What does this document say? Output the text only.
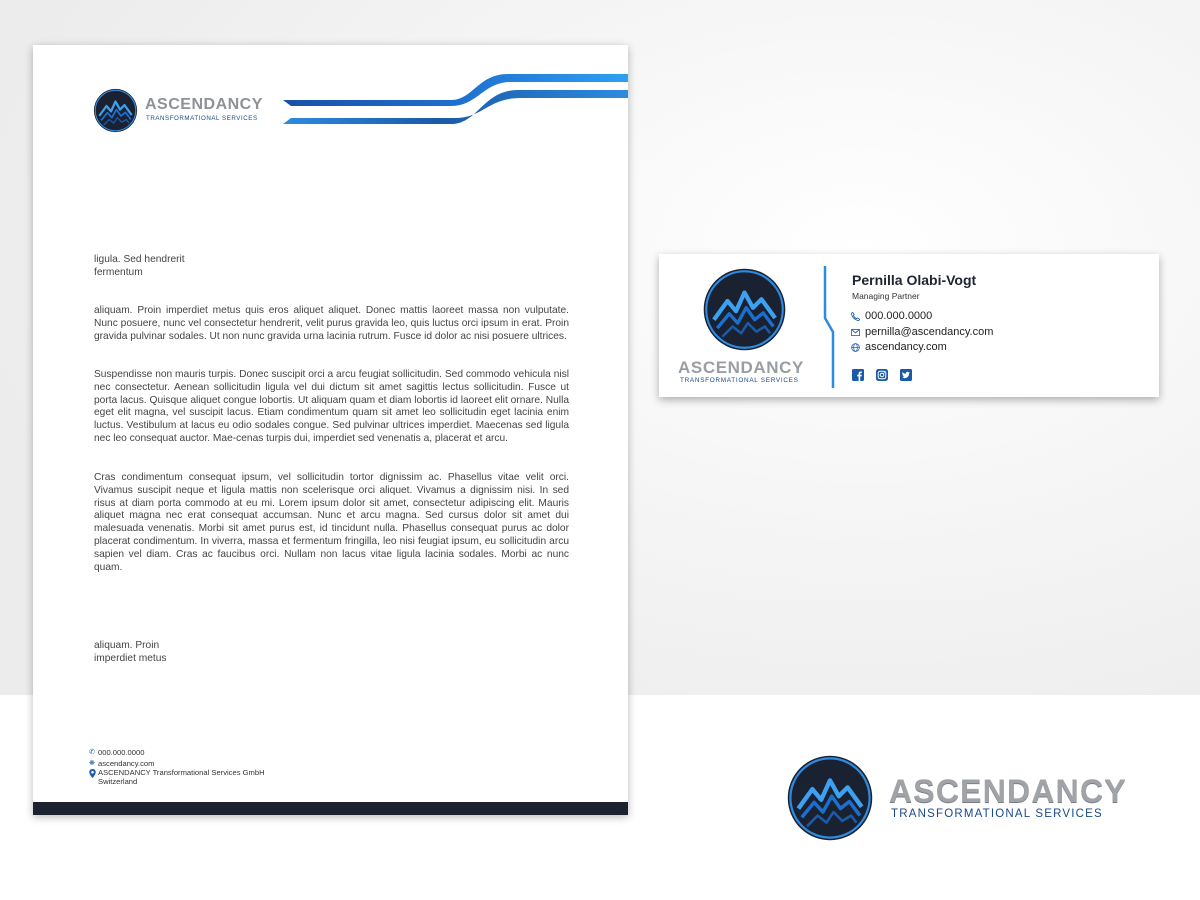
ASCENDANCY
TRANSFORMATIONAL SERVICES
ligula. Sed hendrerit
fermentum
aliquam. Proin imperdiet metus quis eros aliquet aliquet. Donec mattis laoreet massa non vulputate. Nunc posuere, nunc vel consectetur hendrerit, velit purus gravida leo, quis luctus orci ipsum in erat. Proin gravida pulvinar sodales. Ut non nunc gravida urna lacinia rutrum. Fusce id dolor ac nisi posuere ultrices.
Suspendisse non mauris turpis. Donec suscipit orci a arcu feugiat sollicitudin. Sed commodo vehicula nisl nec consectetur. Aenean sollicitudin ligula vel dui dictum sit amet sagittis lectus sollicitudin. Fusce ut porta lacus. Quisque aliquet congue lobortis. Ut aliquam quam et diam lobortis id laoreet elit ornare. Nulla eget elit magna, vel suscipit lacus. Etiam condimentum quam sit amet leo sollicitudin eget lacinia enim luctus. Vestibulum at lacus eu odio sodales congue. Sed pulvinar ultrices imperdiet. Maecenas sed ligula nec leo consequat auctor. Mae-cenas turpis dui, imperdiet sed venenatis a, placerat et arcu.
Cras condimentum consequat ipsum, vel sollicitudin tortor dignissim ac. Phasellus vitae velit orci. Vivamus suscipit neque et ligula mattis non scelerisque orci aliquet. Vivamus a dignissim nisi. In sed risus at diam porta commodo at eu mi. Lorem ipsum dolor sit amet, consectetur adipiscing elit. Mauris aliquet magna nec erat consequat accumsan. Nunc et arcu magna. Sed cursus dolor sit amet dui malesuada venenatis. Morbi sit amet purus est, id tincidunt nulla. Phasellus consequat purus ac dolor placerat condimentum. In viverra, massa et fermentum fringilla, leo nisi feugiat ipsum, eu sollicitudin arcu sapien vel diam. Cras ac faucibus orci. Nullam non lacus vitae ligula lacinia sodales. Morbi ac nunc quam.
aliquam. Proin
imperdiet metus
✆ 000.000.0000
❋ ascendancy.com
ASCENDANCY Transformational Services GmbH
Switzerland
ASCENDANCY
TRANSFORMATIONAL SERVICES
Pernilla Olabi-Vogt
Managing Partner
000.000.0000
pernilla@ascendancy.com
ascendancy.com
ASCENDANCY
TRANSFORMATIONAL SERVICES
